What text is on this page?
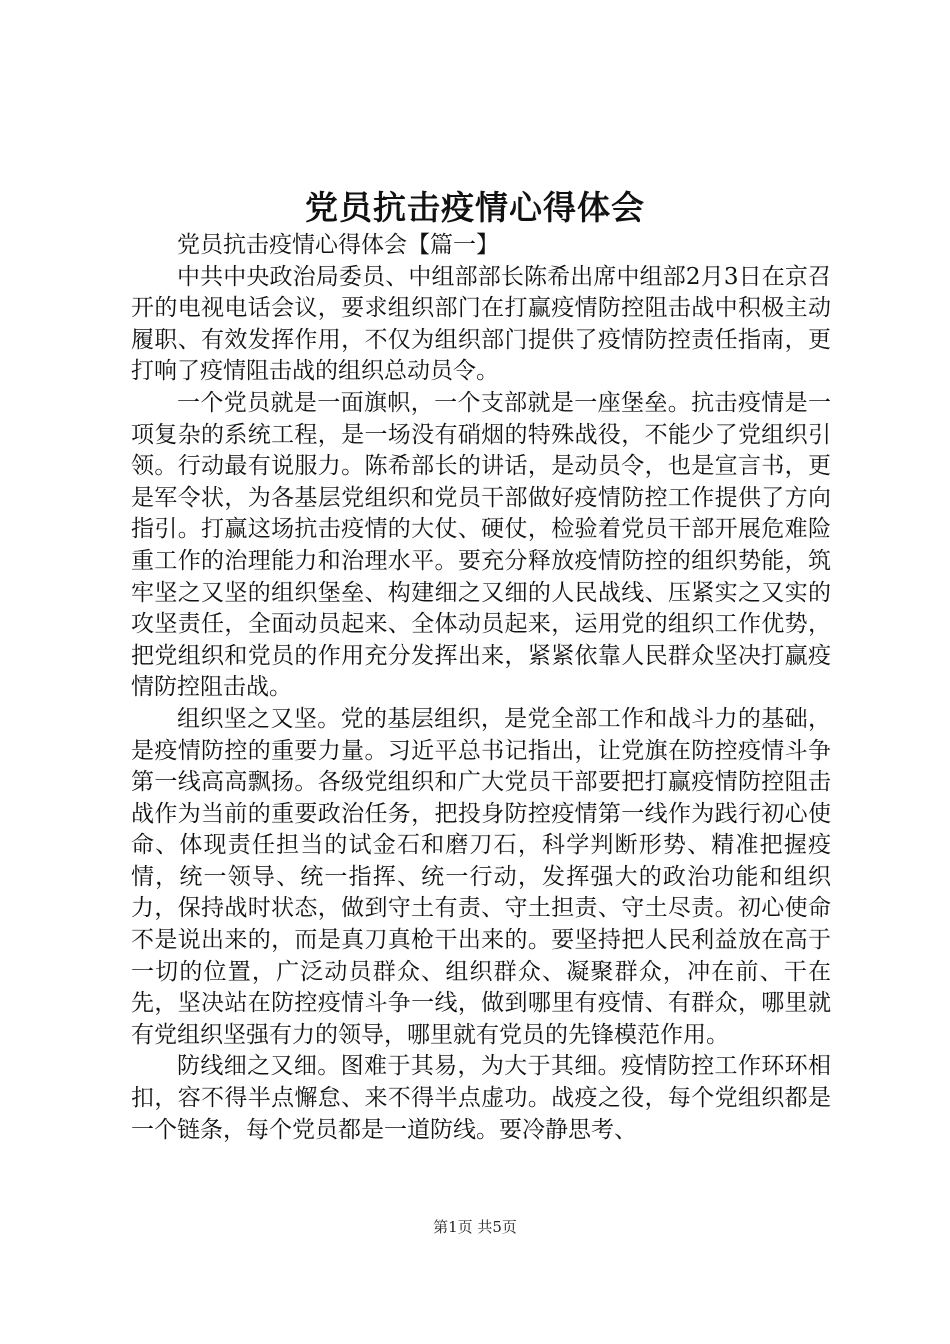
党员抗击疫情心得体会
党员抗击疫情心得体会【篇一】

中共中央政治局委员、中组部部长陈希出席中组部2月3日在京召开的电视电话会议，要求组织部门在打赢疫情防控阻击战中积极主动履职、有效发挥作用，不仅为组织部门提供了疫情防控责任指南，更打响了疫情阻击战的组织总动员令。

一个党员就是一面旗帜，一个支部就是一座堡垒。抗击疫情是一项复杂的系统工程，是一场没有硝烟的特殊战役，不能少了党组织引领。行动最有说服力。陈希部长的讲话，是动员令，也是宣言书，更是军令状，为各基层党组织和党员干部做好疫情防控工作提供了方向指引。打赢这场抗击疫情的大仗、硬仗，检验着党员干部开展危难险重工作的治理能力和治理水平。要充分释放疫情防控的组织势能，筑牢坚之又坚的组织堡垒、构建细之又细的人民战线、压紧实之又实的攻坚责任，全面动员起来、全体动员起来，运用党的组织工作优势，把党组织和党员的作用充分发挥出来，紧紧依靠人民群众坚决打赢疫情防控阻击战。

组织坚之又坚。党的基层组织，是党全部工作和战斗力的基础，是疫情防控的重要力量。习近平总书记指出，让党旗在防控疫情斗争第一线高高飘扬。各级党组织和广大党员干部要把打赢疫情防控阻击战作为当前的重要政治任务，把投身防控疫情第一线作为践行初心使命、体现责任担当的试金石和磨刀石，科学判断形势、精准把握疫情，统一领导、统一指挥、统一行动，发挥强大的政治功能和组织力，保持战时状态，做到守土有责、守土担责、守土尽责。初心使命不是说出来的，而是真刀真枪干出来的。要坚持把人民利益放在高于一切的位置，广泛动员群众、组织群众、凝聚群众，冲在前、干在先，坚决站在防控疫情斗争一线，做到哪里有疫情、有群众，哪里就有党组织坚强有力的领导，哪里就有党员的先锋模范作用。

防线细之又细。图难于其易，为大于其细。疫情防控工作环环相扣，容不得半点懈怠、来不得半点虚功。战疫之役，每个党组织都是一个链条，每个党员都是一道防线。要冷静思考、

第1页 共5页
